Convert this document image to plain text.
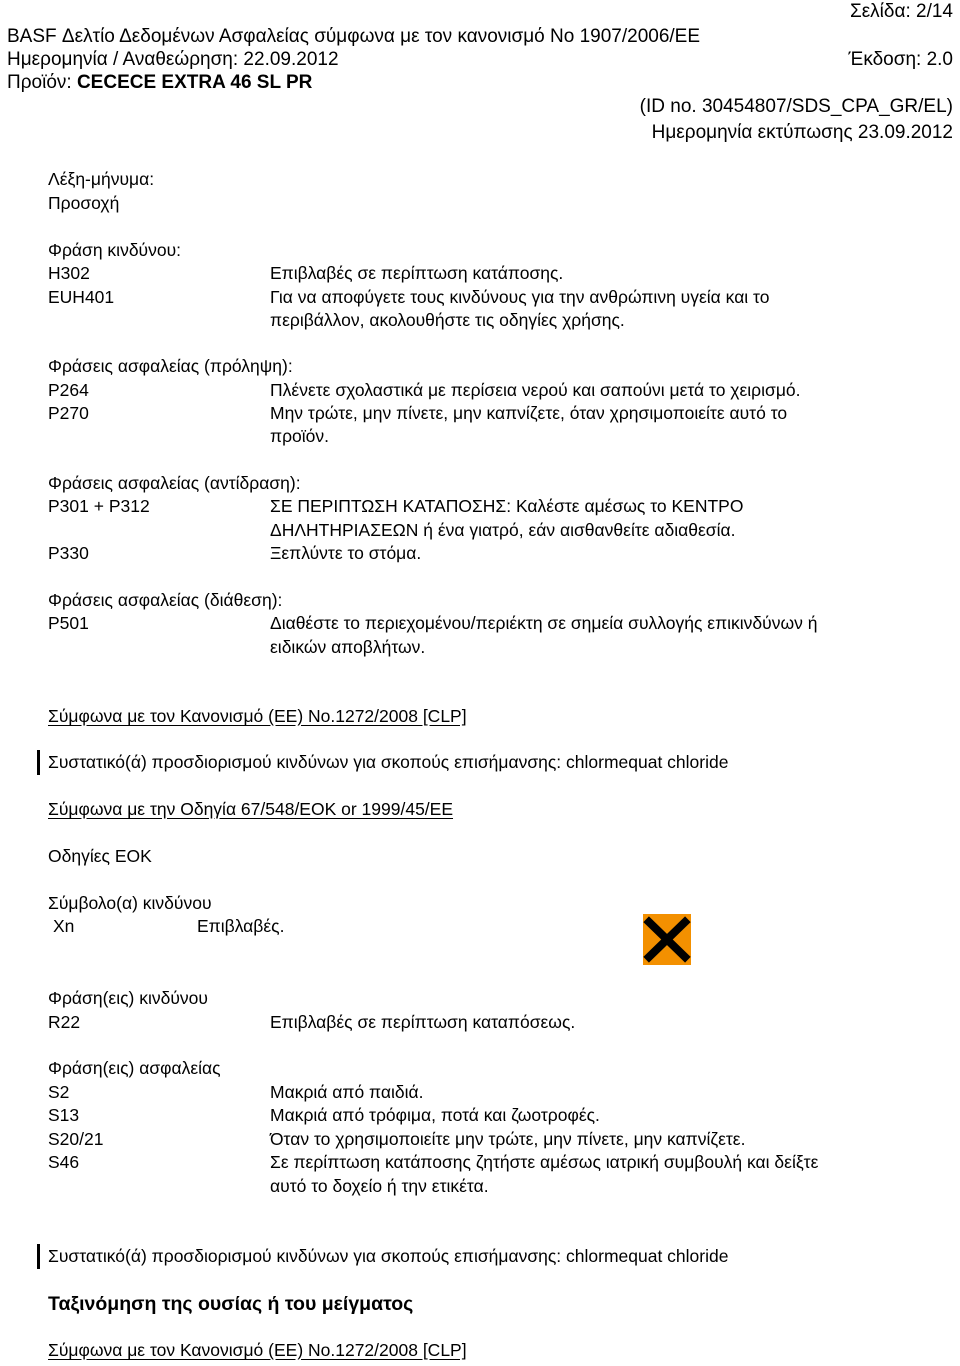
Σελίδα: 2/14
BASF Δελτίο Δεδομένων Ασφαλείας σύμφωνα με τον κανονισμό No 1907/2006/ΕΕ
Ημερομηνία / Αναθεώρηση: 22.09.2012	Έκδοση: 2.0
Προϊόν: CECECE EXTRA 46 SL PR
(ID no. 30454807/SDS_CPA_GR/EL)
Ημερομηνία εκτύπωσης 23.09.2012
Λέξη-μήνυμα:
Προσοχή
Φράση κινδύνου:
H302	Επιβλαβές σε περίπτωση κατάποσης.
EUH401	Για να αποφύγετε τους κινδύνους για την ανθρώπινη υγεία και το
περιβάλλον, ακολουθήστε τις οδηγίες χρήσης.
Φράσεις ασφαλείας (πρόληψη):
P264	Πλένετε σχολαστικά με περίσεια νερού και σαπούνι μετά το χειρισμό.
P270	Μην τρώτε, μην πίνετε, μην καπνίζετε, όταν χρησιμοποιείτε αυτό το
προϊόν.
Φράσεις ασφαλείας (αντίδραση):
P301 + P312	ΣΕ ΠΕΡΙΠΤΩΣΗ ΚΑΤΑΠΟΣΗΣ: Καλέστε αμέσως το ΚΕΝΤΡΟ
ΔΗΛΗΤΗΡΙΑΣΕΩΝ ή ένα γιατρό, εάν αισθανθείτε αδιαθεσία.
P330	Ξεπλύντε το στόμα.
Φράσεις ασφαλείας (διάθεση):
P501	Διαθέστε το περιεχομένου/περιέκτη σε σημεία συλλογής επικινδύνων ή
ειδικών αποβλήτων.
Σύμφωνα με τον Κανονισμό (ΕΕ) No.1272/2008 [CLP]
Συστατικό(ά) προσδιορισμού κινδύνων για σκοπούς επισήμανσης: chlormequat chloride
Σύμφωνα με την Οδηγία 67/548/ΕΟΚ or 1999/45/ΕΕ
Οδηγίες ΕΟΚ
Σύμβολο(α) κινδύνου
Xn	Επιβλαβές.
Φράση(εις) κινδύνου
R22	Επιβλαβές σε περίπτωση καταπόσεως.
Φράση(εις) ασφαλείας
S2	Μακριά από παιδιά.
S13	Μακριά από τρόφιμα, ποτά και ζωοτροφές.
S20/21	Όταν το χρησιμοποιείτε μην τρώτε, μην πίνετε, μην καπνίζετε.
S46	Σε περίπτωση κατάποσης ζητήστε αμέσως ιατρική συμβουλή και δείξτε
αυτό το δοχείο ή την ετικέτα.
Συστατικό(ά) προσδιορισμού κινδύνων για σκοπούς επισήμανσης: chlormequat chloride
Ταξινόμηση της ουσίας ή του μείγματος
Σύμφωνα με τον Κανονισμό (ΕΕ) No.1272/2008 [CLP]
